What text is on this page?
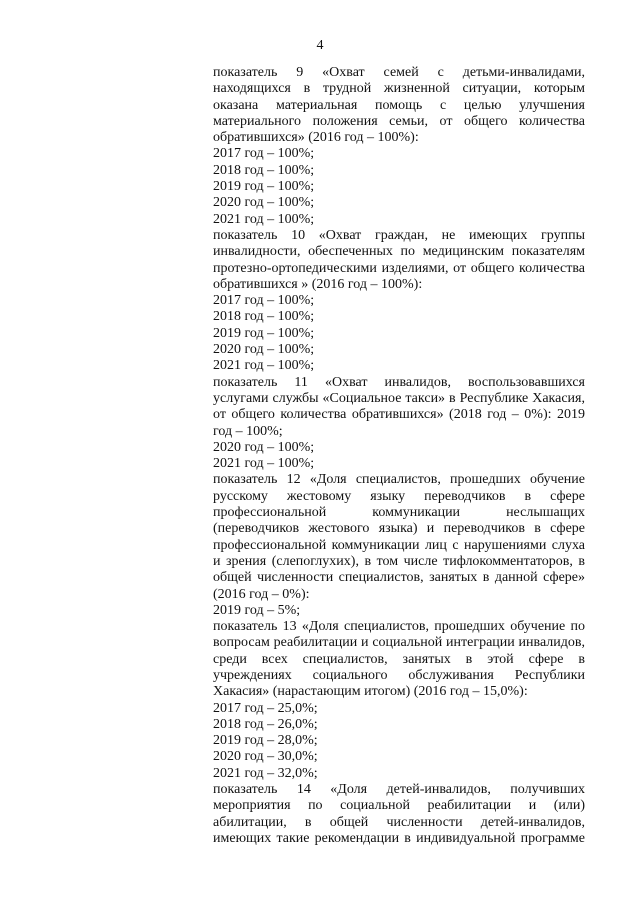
4
показатель 9 «Охват семей с детьми-инвалидами,
находящихся в трудной жизненной ситуации, которым
оказана материальная помощь с целью улучшения
материального положения семьи, от общего количества
обратившихся» (2016 год – 100%):
2017 год – 100%;
2018 год – 100%;
2019 год – 100%;
2020 год – 100%;
2021 год – 100%;
показатель 10 «Охват граждан, не имеющих группы
инвалидности, обеспеченных по медицинским показателям
протезно-ортопедическими изделиями, от общего количества
обратившихся » (2016 год – 100%):
2017 год – 100%;
2018 год – 100%;
2019 год – 100%;
2020 год – 100%;
2021 год – 100%;
показатель 11 «Охват инвалидов, воспользовавшихся
услугами службы «Социальное такси» в Республике Хакасия,
от общего количества обратившихся» (2018 год – 0%): 2019
год – 100%;
2020 год – 100%;
2021 год – 100%;
показатель 12 «Доля специалистов, прошедших обучение
русскому жестовому языку переводчиков в сфере
профессиональной коммуникации неслышащих
(переводчиков жестового языка) и переводчиков в сфере
профессиональной коммуникации лиц с нарушениями слуха
и зрения (слепоглухих), в том числе тифлокомментаторов, в
общей численности специалистов, занятых в данной сфере»
(2016 год – 0%):
2019 год – 5%;
показатель 13 «Доля специалистов, прошедших обучение по
вопросам реабилитации и социальной интеграции инвалидов,
среди всех специалистов, занятых в этой сфере в
учреждениях социального обслуживания Республики
Хакасия» (нарастающим итогом) (2016 год – 15,0%):
2017 год – 25,0%;
2018 год – 26,0%;
2019 год – 28,0%;
2020 год – 30,0%;
2021 год – 32,0%;
показатель 14 «Доля детей-инвалидов, получивших
мероприятия по социальной реабилитации и (или)
абилитации, в общей численности детей-инвалидов,
имеющих такие рекомендации в индивидуальной программе
